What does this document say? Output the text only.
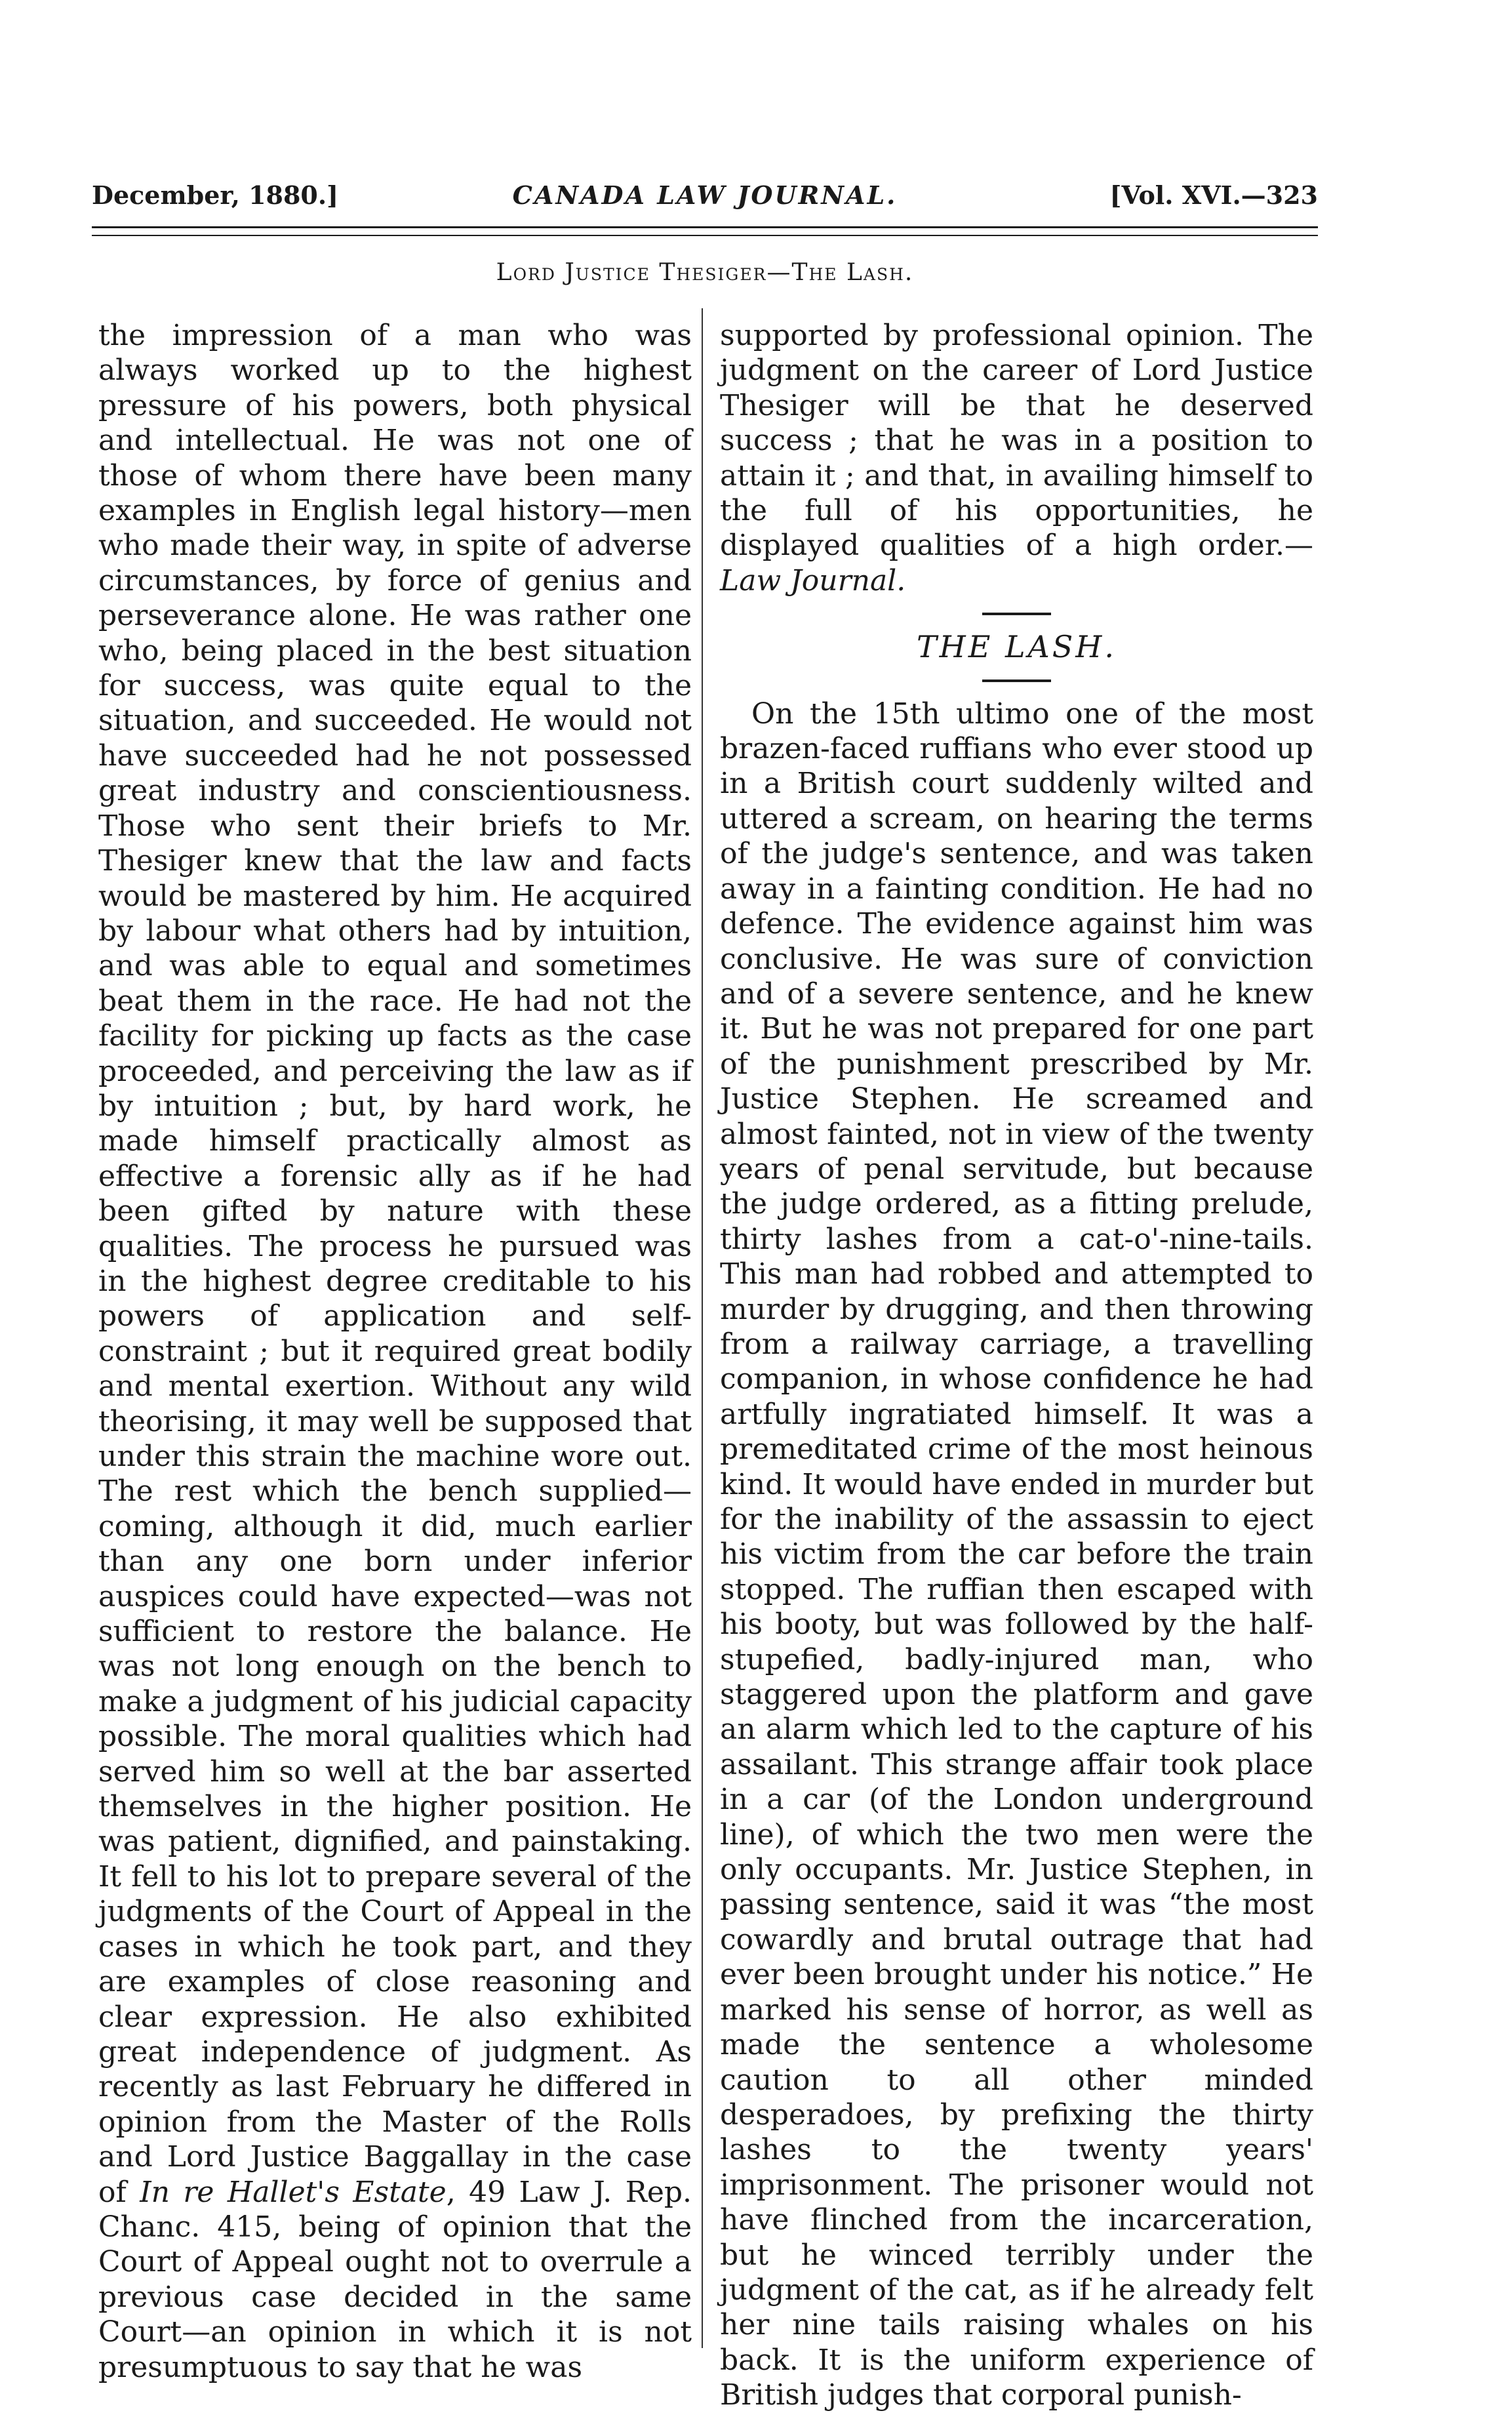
December, 1880.]	CANADA LAW JOURNAL.	[Vol. XVI.—323
Lord Justice Thesiger—The Lash.

the impression of a man who was always worked up to the highest pressure of his powers, both physical and intellectual. He was not one of those of whom there have been many examples in English legal history—men who made their way, in spite of adverse circumstances, by force of genius and perseverance alone. He was rather one who, being placed in the best situation for success, was quite equal to the situation, and succeeded. He would not have succeeded had he not possessed great industry and conscientiousness. Those who sent their briefs to Mr. Thesiger knew that the law and facts would be mastered by him. He acquired by labour what others had by intuition, and was able to equal and sometimes beat them in the race. He had not the facility for picking up facts as the case proceeded, and perceiving the law as if by intuition ; but, by hard work, he made himself practically almost as effective a forensic ally as if he had been gifted by nature with these qualities. The process he pursued was in the highest degree creditable to his powers of application and self-constraint ; but it required great bodily and mental exertion. Without any wild theorising, it may well be supposed that under this strain the machine wore out. The rest which the bench supplied—coming, although it did, much earlier than any one born under inferior auspices could have expected—was not sufficient to restore the balance. He was not long enough on the bench to make a judgment of his judicial capacity possible. The moral qualities which had served him so well at the bar asserted themselves in the higher position. He was patient, dignified, and painstaking. It fell to his lot to prepare several of the judgments of the Court of Appeal in the cases in which he took part, and they are examples of close reasoning and clear expression. He also exhibited great independence of judgment. As recently as last February he differed in opinion from the Master of the Rolls and Lord Justice Baggallay in the case of In re Hallet's Estate, 49 Law J. Rep. Chanc. 415, being of opinion that the Court of Appeal ought not to overrule a previous case decided in the same Court—an opinion in which it is not presumptuous to say that he was

supported by professional opinion. The judgment on the career of Lord Justice Thesiger will be that he deserved success ; that he was in a position to attain it ; and that, in availing himself to the full of his opportunities, he displayed qualities of a high order.—Law Journal.

THE LASH.

On the 15th ultimo one of the most brazen-faced ruffians who ever stood up in a British court suddenly wilted and uttered a scream, on hearing the terms of the judge's sentence, and was taken away in a fainting condition. He had no defence. The evidence against him was conclusive. He was sure of conviction and of a severe sentence, and he knew it. But he was not prepared for one part of the punishment prescribed by Mr. Justice Stephen. He screamed and almost fainted, not in view of the twenty years of penal servitude, but because the judge ordered, as a fitting prelude, thirty lashes from a cat-o'-nine-tails. This man had robbed and attempted to murder by drugging, and then throwing from a railway carriage, a travelling companion, in whose confidence he had artfully ingratiated himself. It was a premeditated crime of the most heinous kind. It would have ended in murder but for the inability of the assassin to eject his victim from the car before the train stopped. The ruffian then escaped with his booty, but was followed by the half-stupefied, badly-injured man, who staggered upon the platform and gave an alarm which led to the capture of his assailant. This strange affair took place in a car (of the London underground line), of which the two men were the only occupants. Mr. Justice Stephen, in passing sentence, said it was “the most cowardly and brutal outrage that had ever been brought under his notice.” He marked his sense of horror, as well as made the sentence a wholesome caution to all other minded desperadoes, by prefixing the thirty lashes to the twenty years' imprisonment. The prisoner would not have flinched from the incarceration, but he winced terribly under the judgment of the cat, as if he already felt her nine tails raising whales on his back. It is the uniform experience of British judges that corporal punish-
